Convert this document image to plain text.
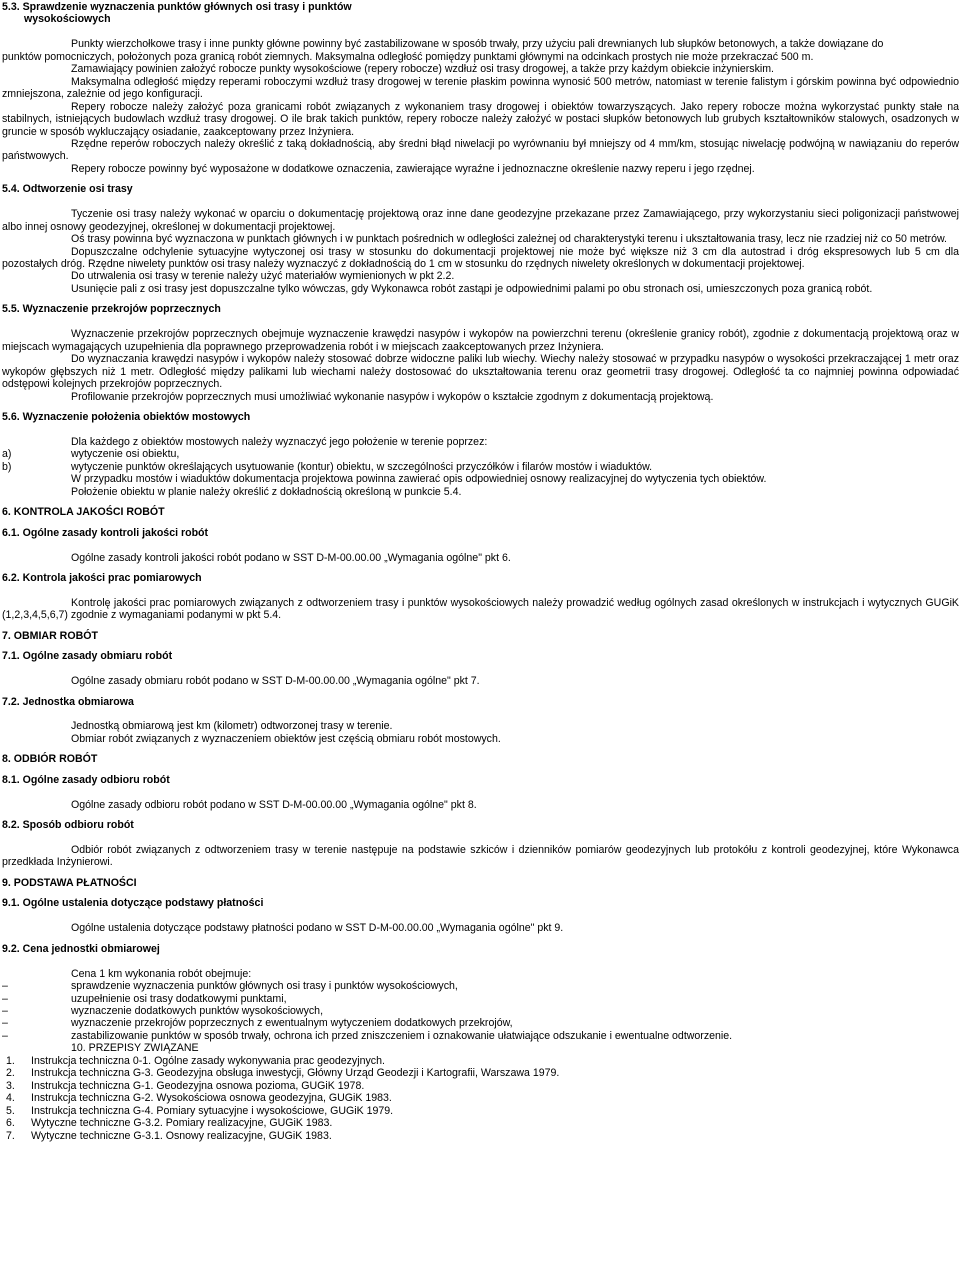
5.3. Sprawdzenie wyznaczenia punktów głównych osi trasy i punktów
wysokościowych
Punkty wierzchołkowe trasy i inne punkty główne powinny być zastabilizowane w sposób trwały, przy użyciu pali drewnianych lub słupków betonowych, a także dowiązane do
punktów pomocniczych, położonych poza granicą robót ziemnych. Maksymalna odległość pomiędzy punktami głównymi na odcinkach prostych nie może przekraczać 500 m.
Zamawiający powinien założyć robocze punkty wysokościowe (repery robocze) wzdłuż osi trasy drogowej, a także przy każdym obiekcie inżynierskim.
Maksymalna odległość między reperami roboczymi wzdłuż trasy drogowej w terenie płaskim powinna wynosić 500 metrów, natomiast w terenie falistym i górskim powinna być odpowiednio zmniejszona, zależnie od jego konfiguracji.
Repery robocze należy założyć poza granicami robót związanych z wykonaniem trasy drogowej i obiektów towarzyszących. Jako repery robocze można wykorzystać punkty stałe na stabilnych, istniejących budowlach wzdłuż trasy drogowej. O ile brak takich punktów, repery robocze należy założyć w postaci słupków betonowych lub grubych kształtowników stalowych, osadzonych w gruncie w sposób wykluczający osiadanie, zaakceptowany przez Inżyniera.
Rzędne reperów roboczych należy określić z taką dokładnością, aby średni błąd niwelacji po wyrównaniu był mniejszy od 4 mm/km, stosując niwelację podwójną w nawiązaniu do reperów państwowych.
Repery robocze powinny być wyposażone w dodatkowe oznaczenia, zawierające wyraźne i jednoznaczne określenie nazwy reperu i jego rzędnej.
5.4. Odtworzenie osi trasy
Tyczenie osi trasy należy wykonać w oparciu o dokumentację projektową oraz inne dane geodezyjne przekazane przez Zamawiającego, przy wykorzystaniu sieci poligonizacji państwowej albo innej osnowy geodezyjnej, określonej w dokumentacji projektowej.
Oś trasy powinna być wyznaczona w punktach głównych i w punktach pośrednich w odległości zależnej od charakterystyki terenu i ukształtowania trasy, lecz nie rzadziej niż co 50 metrów.
Dopuszczalne odchylenie sytuacyjne wytyczonej osi trasy w stosunku do dokumentacji projektowej nie może być większe niż 3 cm dla autostrad i dróg ekspresowych lub 5 cm dla pozostałych dróg. Rzędne niwelety punktów osi trasy należy wyznaczyć z dokładnością do 1 cm w stosunku do rzędnych niwelety określonych w dokumentacji projektowej.
Do utrwalenia osi trasy w terenie należy użyć materiałów wymienionych w pkt 2.2.
Usunięcie pali z osi trasy jest dopuszczalne tylko wówczas, gdy Wykonawca robót zastąpi je odpowiednimi palami po obu stronach osi, umieszczonych poza granicą robót.
5.5. Wyznaczenie przekrojów poprzecznych
Wyznaczenie przekrojów poprzecznych obejmuje wyznaczenie krawędzi nasypów i wykopów na powierzchni terenu (określenie granicy robót), zgodnie z dokumentacją projektową oraz w miejscach wymagających uzupełnienia dla poprawnego przeprowadzenia robót i w miejscach zaakceptowanych przez Inżyniera.
Do wyznaczania krawędzi nasypów i wykopów należy stosować dobrze widoczne paliki lub wiechy. Wiechy należy stosować w przypadku nasypów o wysokości przekraczającej 1 metr oraz wykopów głębszych niż 1 metr. Odległość między palikami lub wiechami należy dostosować do ukształtowania terenu oraz geometrii trasy drogowej. Odległość ta co najmniej powinna odpowiadać odstępowi kolejnych przekrojów poprzecznych.
Profilowanie przekrojów poprzecznych musi umożliwiać wykonanie nasypów i wykopów o kształcie zgodnym z dokumentacją projektową.
5.6. Wyznaczenie położenia obiektów mostowych
Dla każdego z obiektów mostowych należy wyznaczyć jego położenie w terenie poprzez:
a)	wytyczenie osi obiektu,
b)	wytyczenie punktów określających usytuowanie (kontur) obiektu, w szczególności przyczółków i filarów mostów i wiaduktów.
W przypadku mostów i wiaduktów dokumentacja projektowa powinna zawierać opis odpowiedniej osnowy realizacyjnej do wytyczenia tych obiektów.
Położenie obiektu w planie należy określić z dokładnością określoną w punkcie 5.4.
6. KONTROLA JAKOŚCI ROBÓT
6.1. Ogólne zasady kontroli jakości robót
Ogólne zasady kontroli jakości robót podano w SST D-M-00.00.00 „Wymagania ogólne" pkt 6.
6.2. Kontrola jakości prac pomiarowych
Kontrolę jakości prac pomiarowych związanych z odtworzeniem trasy i punktów wysokościowych należy prowadzić według ogólnych zasad określonych w instrukcjach i wytycznych GUGiK (1,2,3,4,5,6,7) zgodnie z wymaganiami podanymi w pkt 5.4.
7. OBMIAR ROBÓT
7.1. Ogólne zasady obmiaru robót
Ogólne zasady obmiaru robót podano w SST D-M-00.00.00 „Wymagania ogólne" pkt 7.
7.2. Jednostka obmiarowa
Jednostką obmiarową jest km (kilometr) odtworzonej trasy w terenie.
Obmiar robót związanych z wyznaczeniem obiektów jest częścią obmiaru robót mostowych.
8. ODBIÓR ROBÓT
8.1. Ogólne zasady odbioru robót
Ogólne zasady odbioru robót podano w SST D-M-00.00.00 „Wymagania ogólne" pkt 8.
8.2. Sposób odbioru robót
Odbiór robót związanych z odtworzeniem trasy w terenie następuje na podstawie szkiców i dzienników pomiarów geodezyjnych lub protokółu z kontroli geodezyjnej, które Wykonawca przedkłada Inżynierowi.
9. PODSTAWA PŁATNOŚCI
9.1. Ogólne ustalenia dotyczące podstawy płatności
Ogólne ustalenia dotyczące podstawy płatności podano w SST D-M-00.00.00 „Wymagania ogólne" pkt 9.
9.2. Cena jednostki obmiarowej
Cena 1 km wykonania robót obejmuje:
–	sprawdzenie wyznaczenia punktów głównych osi trasy i punktów wysokościowych,
–	uzupełnienie osi trasy dodatkowymi punktami,
–	wyznaczenie dodatkowych punktów wysokościowych,
–	wyznaczenie przekrojów poprzecznych z ewentualnym wytyczeniem dodatkowych przekrojów,
–	zastabilizowanie punktów w sposób trwały, ochrona ich przed zniszczeniem i oznakowanie ułatwiające odszukanie i ewentualne odtworzenie.
10. PRZEPISY ZWIĄZANE
1. Instrukcja techniczna 0-1. Ogólne zasady wykonywania prac geodezyjnych.
2. Instrukcja techniczna G-3. Geodezyjna obsługa inwestycji, Główny Urząd Geodezji i Kartografii, Warszawa 1979.
3. Instrukcja techniczna G-1. Geodezyjna osnowa pozioma, GUGiK 1978.
4. Instrukcja techniczna G-2. Wysokościowa osnowa geodezyjna, GUGiK 1983.
5. Instrukcja techniczna G-4. Pomiary sytuacyjne i wysokościowe, GUGiK 1979.
6. Wytyczne techniczne G-3.2. Pomiary realizacyjne, GUGiK 1983.
7. Wytyczne techniczne G-3.1. Osnowy realizacyjne, GUGiK 1983.
